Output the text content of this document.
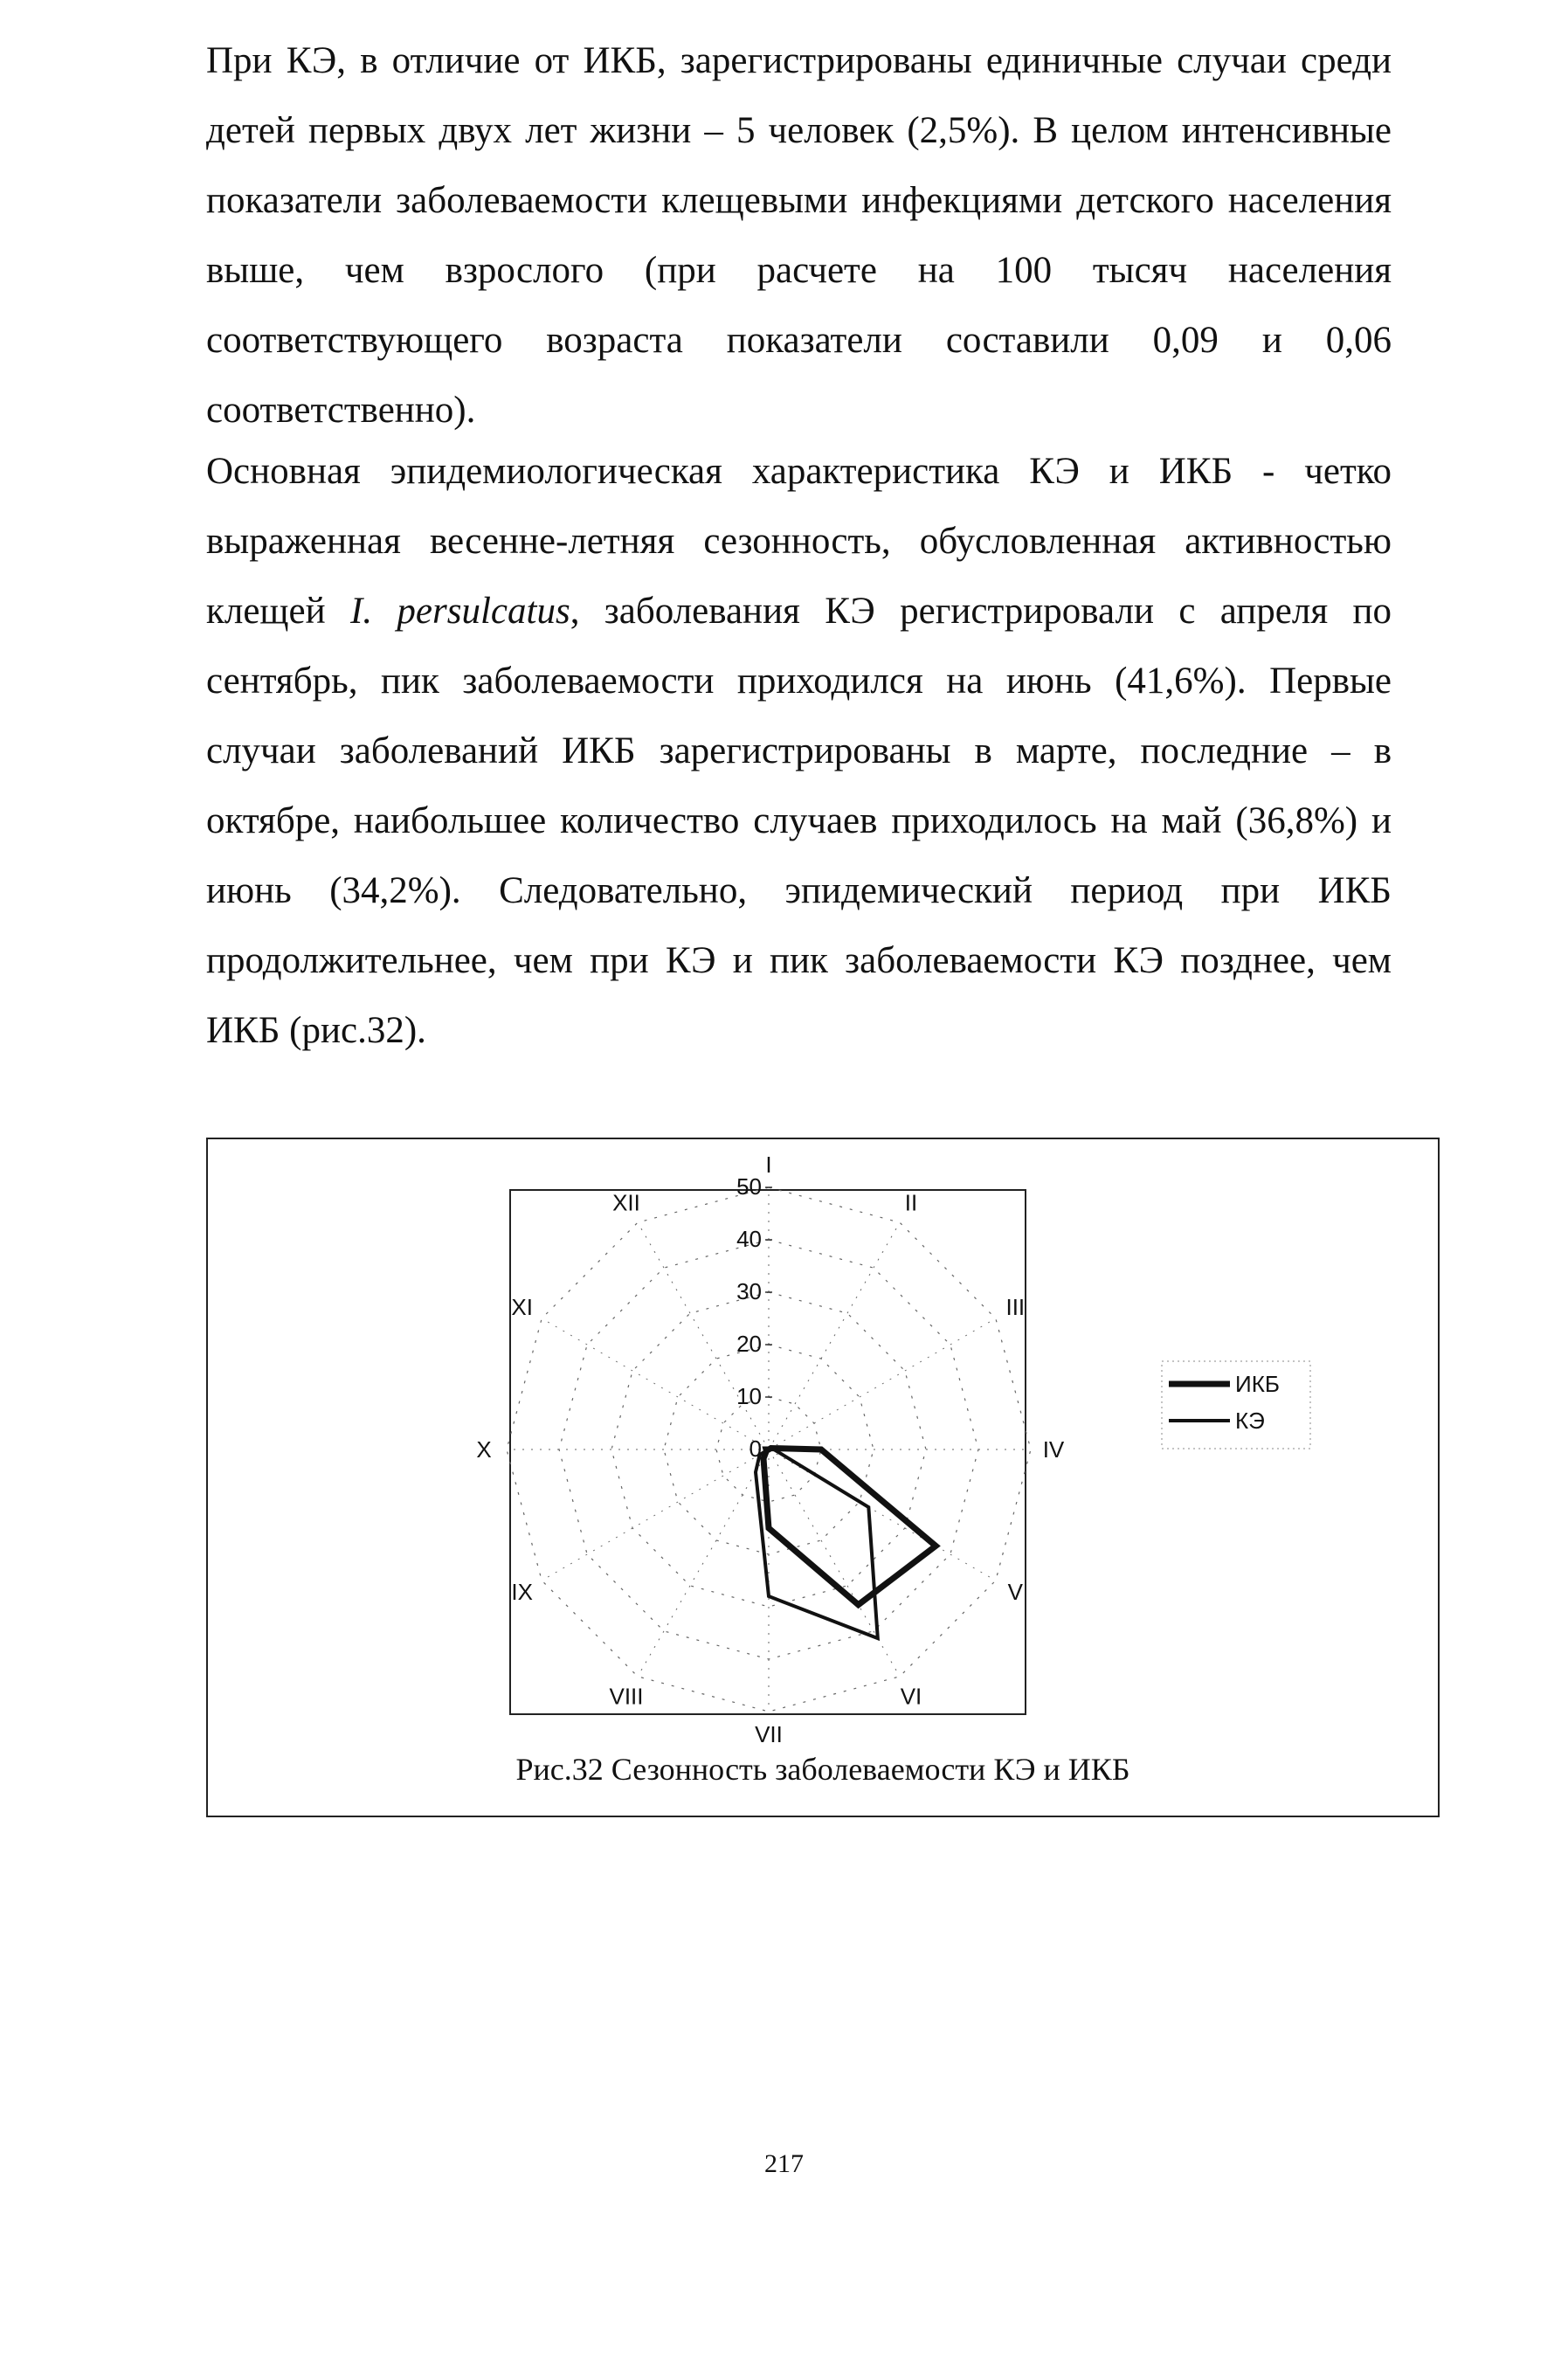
При КЭ, в отличие от ИКБ, зарегистрированы единичные случаи среди детей первых двух лет жизни – 5 человек (2,5%). В целом интенсивные показатели заболеваемости клещевыми инфекциями детского населения выше, чем взрослого (при расчете на 100 тысяч населения соответствующего возраста показатели составили 0,09 и 0,06 соответственно).

Основная эпидемиологическая характеристика КЭ и ИКБ - четко выраженная весенне-летняя сезонность, обусловленная активностью клещей I. persulcatus, заболевания КЭ регистрировали с апреля по сентябрь, пик заболеваемости приходился на июнь (41,6%). Первые случаи заболеваний ИКБ зарегистрированы в марте, последние – в октябре, наибольшее количество случаев приходилось на май (36,8%) и июнь (34,2%). Следовательно, эпидемический период при ИКБ продолжительнее, чем при КЭ и пик заболеваемости КЭ позднее, чем ИКБ (рис.32).

0
10
20
30
40
50
I
II
III
IV
V
VI
VII
VIII
IX
X
XI
XII
ИКБ
КЭ
Рис.32 Сезонность заболеваемости КЭ и ИКБ
217
